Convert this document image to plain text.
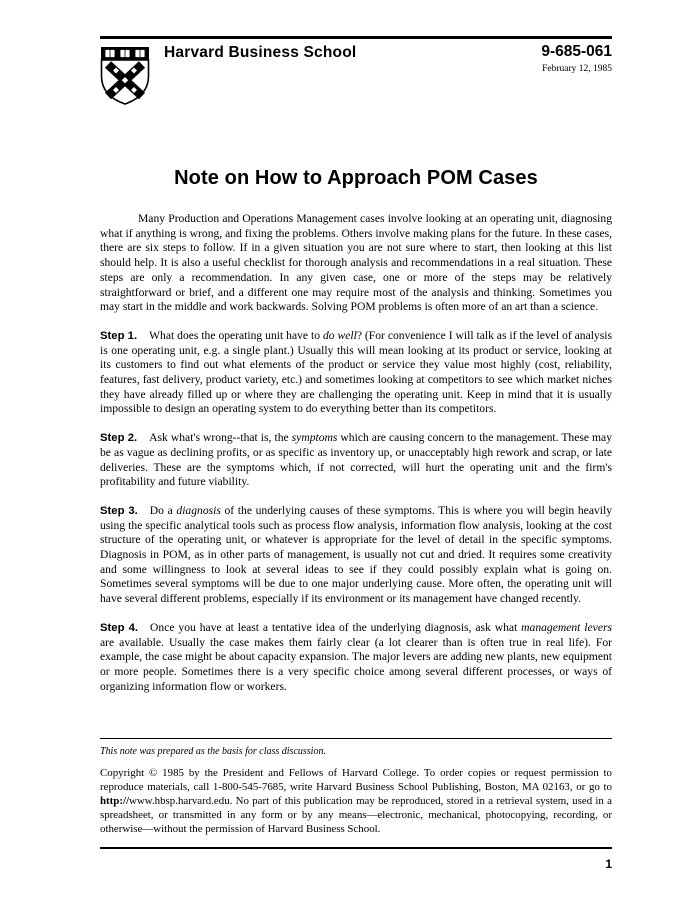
Harvard Business School	9-685-061
February 12, 1985
Note on How to Approach POM Cases

Many Production and Operations Management cases involve looking at an operating unit, diagnosing what if anything is wrong, and fixing the problems. Others involve making plans for the future. In these cases, there are six steps to follow. If in a given situation you are not sure where to start, then looking at this list should help. It is also a useful checklist for thorough analysis and recommendations in a real situation. These steps are only a recommendation. In any given case, one or more of the steps may be relatively straightforward or brief, and a different one may require most of the analysis and thinking. Sometimes you may start in the middle and work backwards. Solving POM problems is often more of an art than a science.

Step 1. What does the operating unit have to do well? (For convenience I will talk as if the level of analysis is one operating unit, e.g. a single plant.) Usually this will mean looking at its product or service, looking at its customers to find out what elements of the product or service they value most highly (cost, reliability, features, fast delivery, product variety, etc.) and sometimes looking at competitors to see which market niches they have already filled up or where they are challenging the operating unit. Keep in mind that it is usually impossible to design an operating system to do everything better than its competitors.

Step 2. Ask what's wrong--that is, the symptoms which are causing concern to the management. These may be as vague as declining profits, or as specific as inventory up, or unacceptably high rework and scrap, or late deliveries. These are the symptoms which, if not corrected, will hurt the operating unit and the firm's profitability and future viability.

Step 3. Do a diagnosis of the underlying causes of these symptoms. This is where you will begin heavily using the specific analytical tools such as process flow analysis, information flow analysis, looking at the cost structure of the operating unit, or whatever is appropriate for the level of detail in the specific symptoms. Diagnosis in POM, as in other parts of management, is usually not cut and dried. It requires some creativity and some willingness to look at several ideas to see if they could possibly explain what is going on. Sometimes several symptoms will be due to one major underlying cause. More often, the operating unit will have several different problems, especially if its environment or its management have changed recently.

Step 4. Once you have at least a tentative idea of the underlying diagnosis, ask what management levers are available. Usually the case makes them fairly clear (a lot clearer than is often true in real life). For example, the case might be about capacity expansion. The major levers are adding new plants, new equipment or more people. Sometimes there is a very specific choice among several different processes, or ways of organizing information flow or workers.

This note was prepared as the basis for class discussion.

Copyright © 1985 by the President and Fellows of Harvard College. To order copies or request permission to reproduce materials, call 1-800-545-7685, write Harvard Business School Publishing, Boston, MA 02163, or go to http://www.hbsp.harvard.edu. No part of this publication may be reproduced, stored in a retrieval system, used in a spreadsheet, or transmitted in any form or by any means—electronic, mechanical, photocopying, recording, or otherwise—without the permission of Harvard Business School.

1
